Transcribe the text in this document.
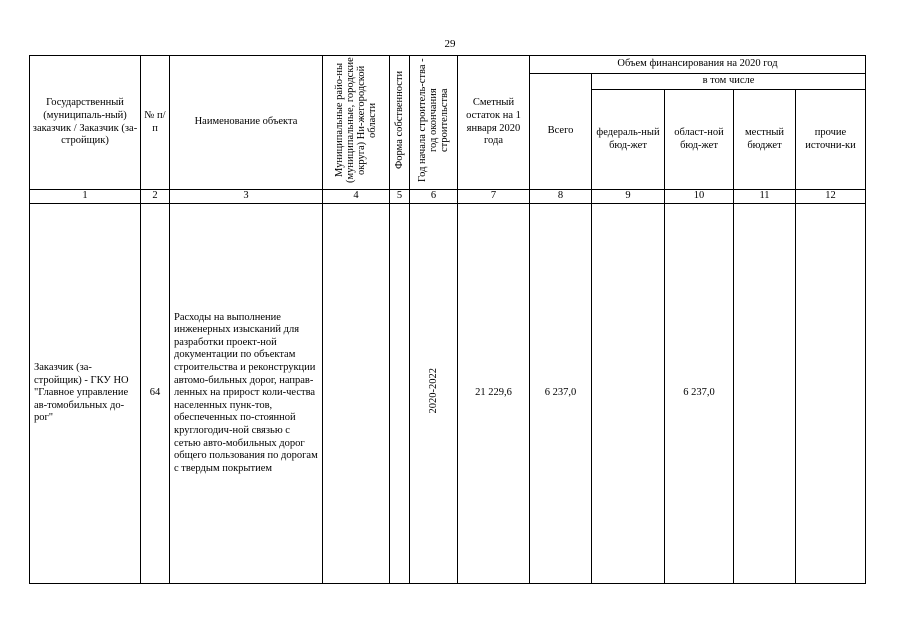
29
Государственный (муниципаль-ный) заказчик / Заказчик (за-стройщик)	№ п/п	Наименование объекта	Муниципальные райо-ны (муниципальные, городские округа) Ни-жегородской области	Форма собственности	Год начала строитель-ства - год окончания строительства	Сметный остаток на 1 января 2020 года	Объем финансирования на 2020 год				
							Всего	в том числе			
								федераль-ный бюд-жет	област-ной бюд-жет	местный бюджет	прочие источни-ки
1	2	3	4	5	6	7	8	9	10	11	12
Заказчик (за-стройщик) - ГКУ НО "Главное управление ав-томобильных до-рог"	64	Расходы на выполнение инженерных изысканий для разработки проект-ной документации по объектам строительства и реконструкции автомо-бильных дорог, направ-ленных на прирост коли-чества населенных пунк-тов, обеспеченных по-стоянной круглогодич-ной связью с сетью авто-мобильных дорог общего пользования по дорогам с твердым покрытием			2020-2022	21 229,6	6 237,0		6 237,0		
